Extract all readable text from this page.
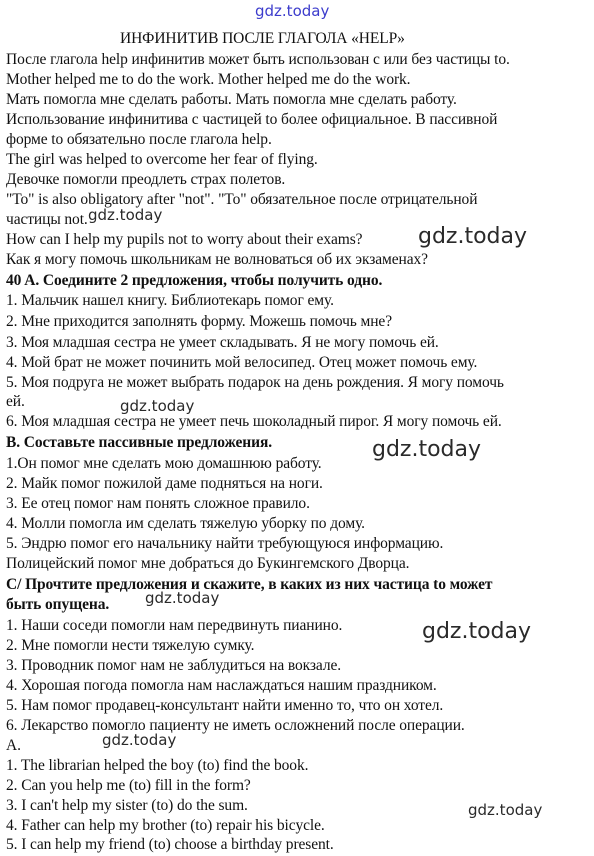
gdz.today
gdz.today
gdz.today
gdz.today
gdz.today
gdz.today
gdz.today
gdz.today
gdz.today
ИНФИНИТИВ ПОСЛЕ ГЛАГОЛА «HELP»
После глагола help инфинитив может быть использован с или без частицы to.
Mother helped me to do the work. Mother helped me do the work.
Мать помогла мне сделать работы. Мать помогла мне сделать работу.
Использование инфинитива с частицей to более официальное. В пассивной
форме to обязательно после глагола help.
The girl was helped to overcome her fear of flying.
Девочке помогли преодлеть страх полетов.
"To" is also obligatory after "not". "To" обязательное после отрицательной
частицы not.
How can I help my pupils not to worry about their exams?
Как я могу помочь школьникам не волноваться об их экзаменах?
40 A. Соедините 2 предложения, чтобы получить одно.
1. Мальчик нашел книгу. Библиотекарь помог ему.
2. Мне приходится заполнять форму. Можешь помочь мне?
3. Моя младшая сестра не умеет складывать. Я не могу помочь ей.
4. Мой брат не может починить мой велосипед. Отец может помочь ему.
5. Моя подруга не может выбрать подарок на день рождения. Я могу помочь
ей.
6. Моя младшая сестра не умеет печь шоколадный пирог. Я могу помочь ей.
B. Составьте пассивные предложения.
1.Он помог мне сделать мою домашнюю работу.
2. Майк помог пожилой даме подняться на ноги.
3. Ее отец помог нам понять сложное правило.
4. Молли помогла им сделать тяжелую уборку по дому.
5. Эндрю помог его начальнику найти требующуюся информацию.
Полицейский помог мне добраться до Букингемского Дворца.
C/ Прочтите предложения и скажите, в каких из них частица to может
быть опущена.
1. Наши соседи помогли нам передвинуть пианино.
2. Мне помогли нести тяжелую сумку.
3. Проводник помог нам не заблудиться на вокзале.
4. Хорошая погода помогла нам наслаждаться нашим праздником.
5. Нам помог продавец-консультант найти именно то, что он хотел.
6. Лекарство помогло пациенту не иметь осложнений после операции.
A.
1. The librarian helped the boy (to) find the book.
2. Can you help me (to) fill in the form?
3. I can't help my sister (to) do the sum.
4. Father can help my brother (to) repair his bicycle.
5. I can help my friend (to) choose a birthday present.
